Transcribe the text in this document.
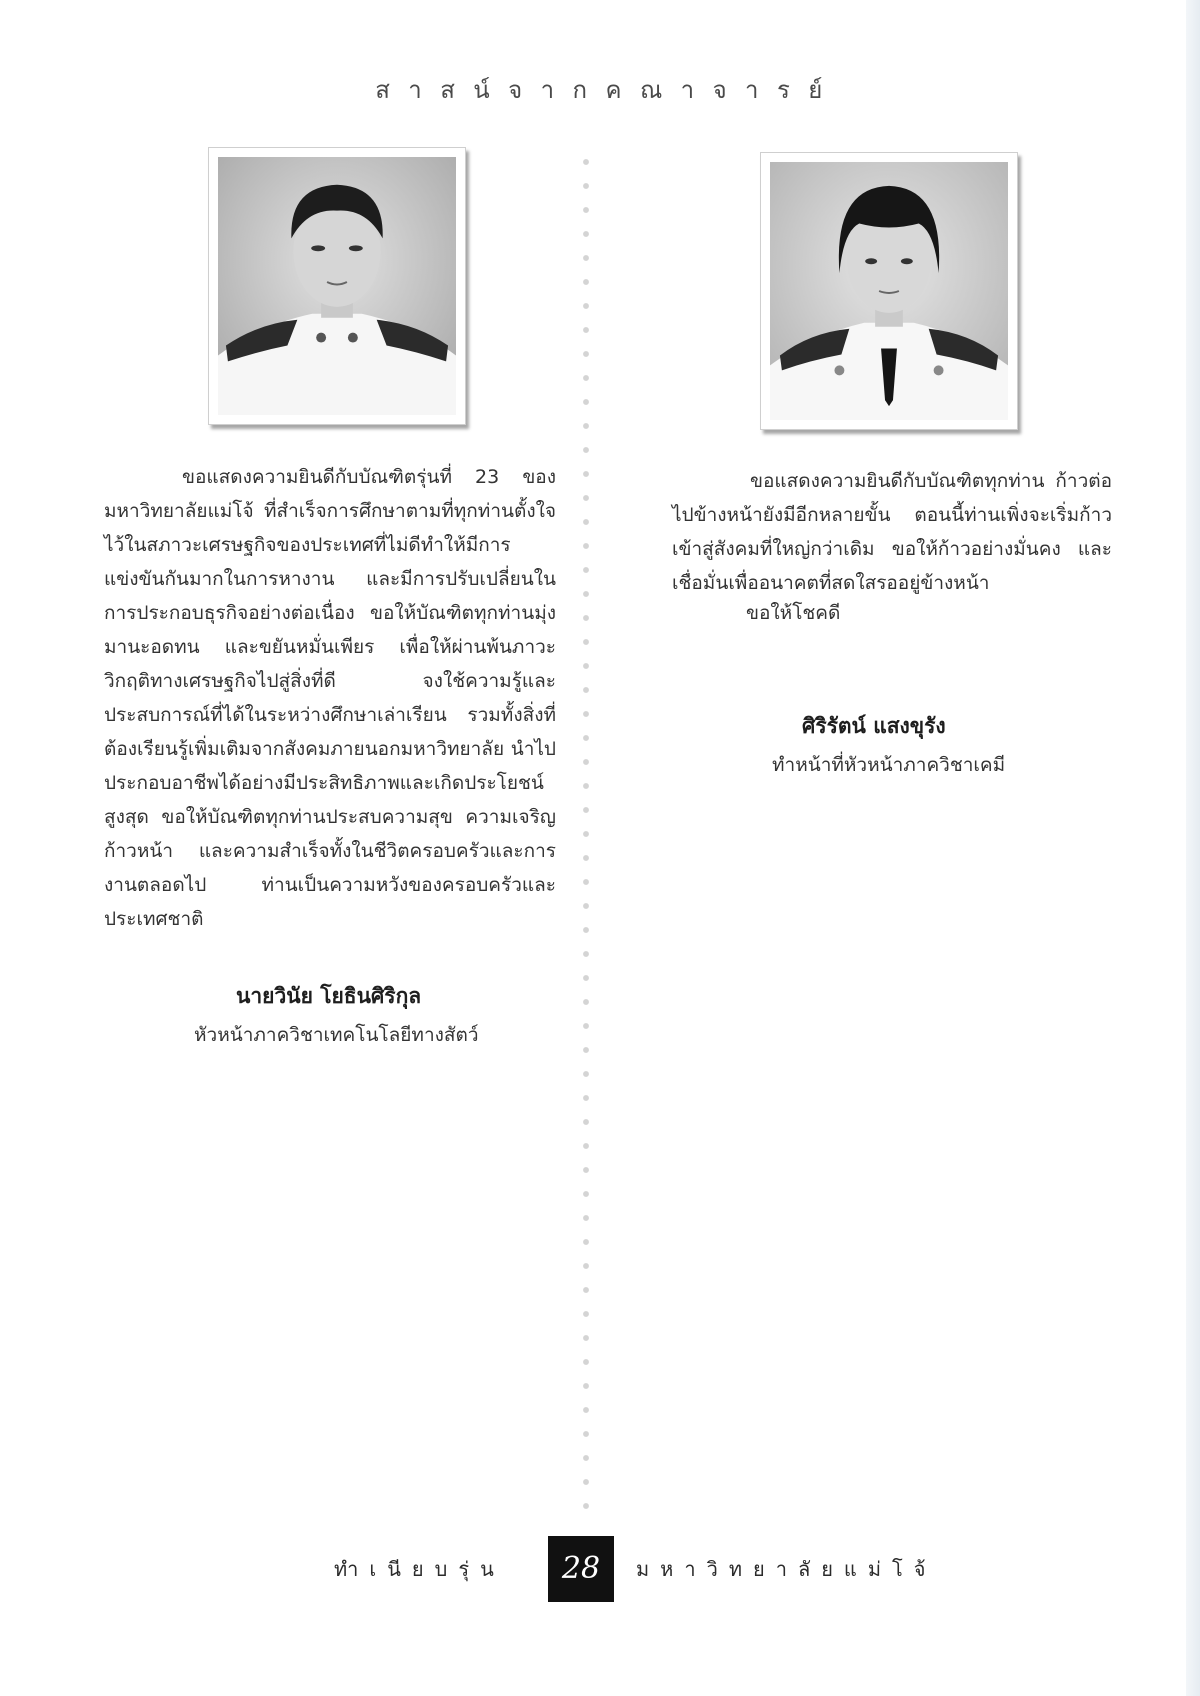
ส า ส น์ จ า ก ค ณ า จ า ร ย์

ขอแสดงความยินดีกับบัณฑิตรุ่นที่ 23 ของมหาวิทยาลัยแม่โจ้ ที่สำเร็จการศึกษาตามที่ทุกท่านตั้งใจไว้ในสภาวะเศรษฐกิจของประเทศที่ไม่ดีทำให้มีการแข่งขันกันมากในการหางาน และมีการปรับเปลี่ยนในการประกอบธุรกิจอย่างต่อเนื่อง ขอให้บัณฑิตทุกท่านมุ่งมานะอดทน และขยันหมั่นเพียร เพื่อให้ผ่านพ้นภาวะวิกฤติทางเศรษฐกิจไปสู่สิ่งที่ดี จงใช้ความรู้และประสบการณ์ที่ได้ในระหว่างศึกษาเล่าเรียน รวมทั้งสิ่งที่ต้องเรียนรู้เพิ่มเติมจากสังคมภายนอกมหาวิทยาลัย นำไปประกอบอาชีพได้อย่างมีประสิทธิภาพและเกิดประโยชน์สูงสุด ขอให้บัณฑิตทุกท่านประสบความสุข ความเจริญก้าวหน้า และความสำเร็จทั้งในชีวิตครอบครัวและการงานตลอดไป ท่านเป็นความหวังของครอบครัวและประเทศชาติ

นายวินัย โยธินศิริกุล

หัวหน้าภาควิชาเทคโนโลยีทางสัตว์

ขอแสดงความยินดีกับบัณฑิตทุกท่าน ก้าวต่อไปข้างหน้ายังมีอีกหลายขั้น ตอนนี้ท่านเพิ่งจะเริ่มก้าวเข้าสู่สังคมที่ใหญ่กว่าเดิม ขอให้ก้าวอย่างมั่นคง และเชื่อมั่นเพื่ออนาคตที่สดใสรออยู่ข้างหน้า

ขอให้โชคดี

ศิริรัตน์ แสงขุรัง

ทำหน้าที่หัวหน้าภาควิชาเคมี

ทำเนียบรุ่น	28	มหาวิทยาลัยแม่โจ้
